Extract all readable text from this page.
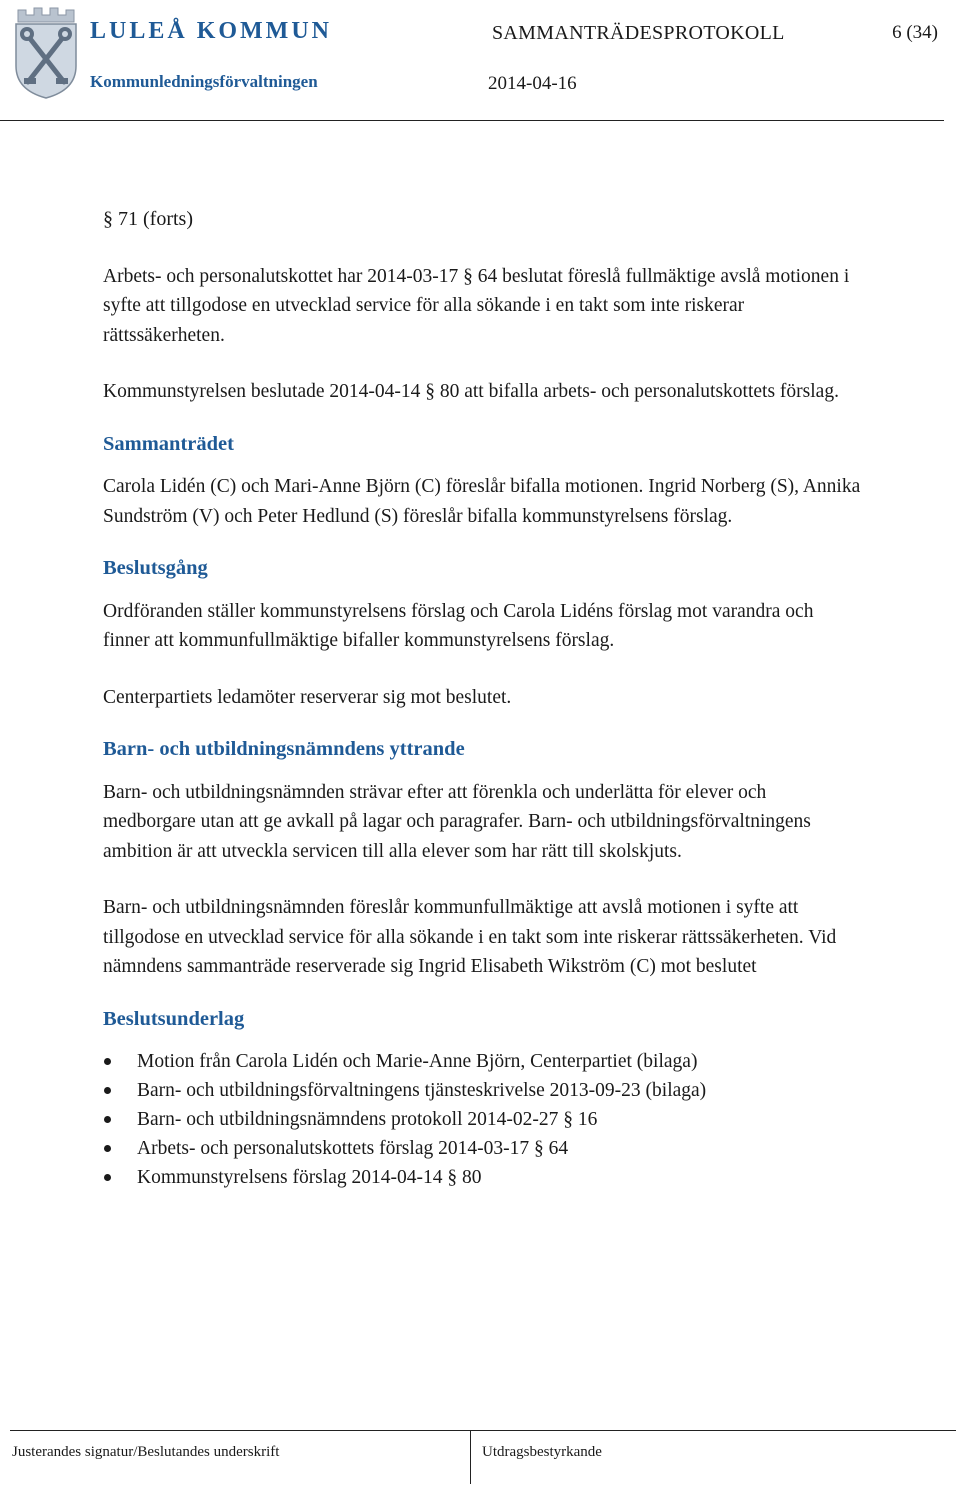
LULEÅ KOMMUN
Kommunledningsförvaltningen
SAMMANTRÄDESPROTOKOLL
2014-04-16
6 (34)

§ 71 (forts)

Arbets- och personalutskottet har 2014-03-17 § 64 beslutat föreslå fullmäktige avslå motionen i syfte att tillgodose en utvecklad service för alla sökande i en takt som inte riskerar rättssäkerheten.

Kommunstyrelsen beslutade 2014-04-14 § 80 att bifalla arbets- och personalutskottets förslag.

Sammanträdet

Carola Lidén (C) och Mari-Anne Björn (C) föreslår bifalla motionen. Ingrid Norberg (S), Annika Sundström (V) och Peter Hedlund (S) föreslår bifalla kommunstyrelsens förslag.

Beslutsgång

Ordföranden ställer kommunstyrelsens förslag och Carola Lidéns förslag mot varandra och finner att kommunfullmäktige bifaller kommunstyrelsens förslag.

Centerpartiets ledamöter reserverar sig mot beslutet.

Barn- och utbildningsnämndens yttrande

Barn- och utbildningsnämnden strävar efter att förenkla och underlätta för elever och medborgare utan att ge avkall på lagar och paragrafer. Barn- och utbildningsförvaltningens ambition är att utveckla servicen till alla elever som har rätt till skolskjuts.

Barn- och utbildningsnämnden föreslår kommunfullmäktige att avslå motionen i syfte att tillgodose en utvecklad service för alla sökande i en takt som inte riskerar rättssäkerheten. Vid nämndens sammanträde reserverade sig Ingrid Elisabeth Wikström (C) mot beslutet

Beslutsunderlag

Motion från Carola Lidén och Marie-Anne Björn, Centerpartiet (bilaga)
Barn- och utbildningsförvaltningens tjänsteskrivelse 2013-09-23 (bilaga)
Barn- och utbildningsnämndens protokoll 2014-02-27 § 16
Arbets- och personalutskottets förslag 2014-03-17 § 64
Kommunstyrelsens förslag 2014-04-14 § 80
Justerandes signatur/Beslutandes underskrift	Utdragsbestyrkande
